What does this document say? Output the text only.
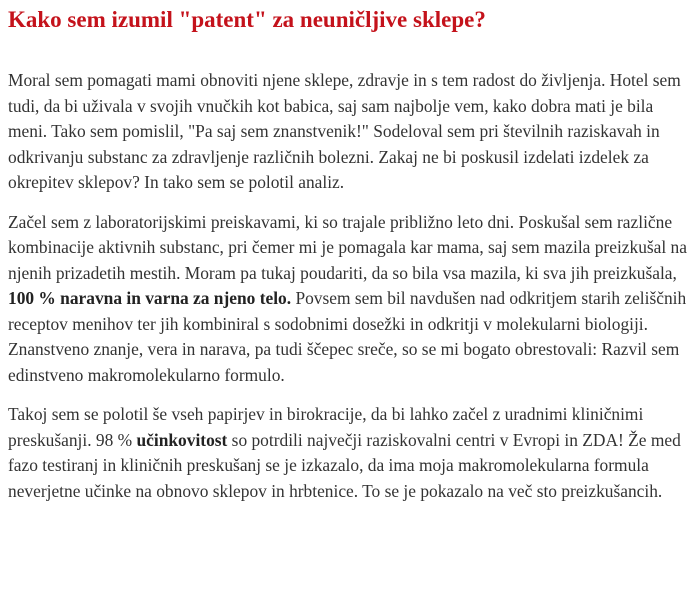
Kako sem izumil "patent" za neuničljive sklepe?

Moral sem pomagati mami obnoviti njene sklepe, zdravje in s tem radost do življenja. Hotel sem tudi, da bi uživala v svojih vnučkih kot babica, saj sam najbolje vem, kako dobra mati je bila meni. Tako sem pomislil, "Pa saj sem znanstvenik!" Sodeloval sem pri številnih raziskavah in odkrivanju substanc za zdravljenje različnih bolezni. Zakaj ne bi poskusil izdelati izdelek za okrepitev sklepov? In tako sem se polotil analiz.

Začel sem z laboratorijskimi preiskavami, ki so trajale približno leto dni. Poskušal sem različne kombinacije aktivnih substanc, pri čemer mi je pomagala kar mama, saj sem mazila preizkušal na njenih prizadetih mestih. Moram pa tukaj poudariti, da so bila vsa mazila, ki sva jih preizkušala, 100 % naravna in varna za njeno telo. Povsem sem bil navdušen nad odkritjem starih zeliščnih receptov menihov ter jih kombiniral s sodobnimi dosežki in odkritji v molekularni biologiji. Znanstveno znanje, vera in narava, pa tudi ščepec sreče, so se mi bogato obrestovali: Razvil sem edinstveno makromolekularno formulo.

Takoj sem se polotil še vseh papirjev in birokracije, da bi lahko začel z uradnimi kliničnimi preskušanji. 98 % učinkovitost so potrdili največji raziskovalni centri v Evropi in ZDA! Že med fazo testiranj in kliničnih preskušanj se je izkazalo, da ima moja makromolekularna formula neverjetne učinke na obnovo sklepov in hrbtenice. To se je pokazalo na več sto preizkušancih.
